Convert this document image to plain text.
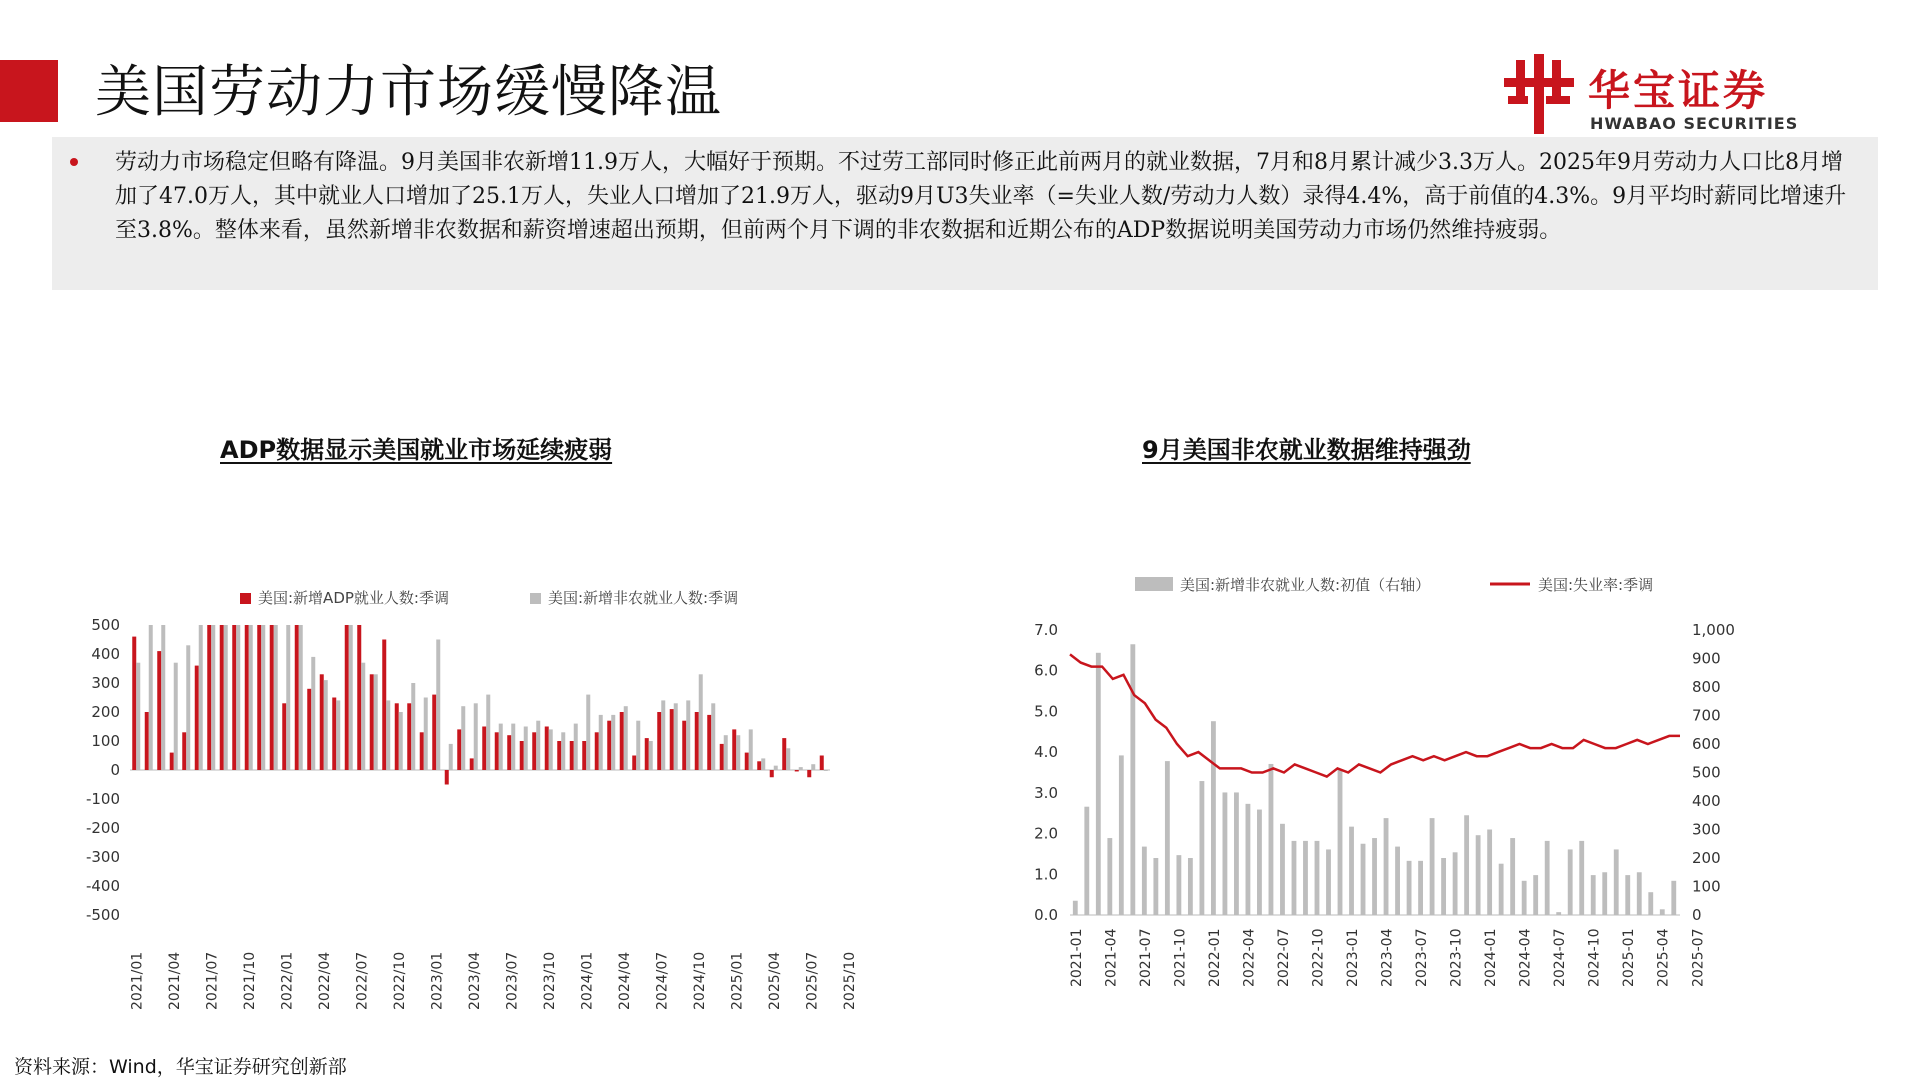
美国劳动力市场缓慢降温	华宝证券
HWABAO SECURITIES
劳动力市场稳定但略有降温。9月美国非农新增11.9万人，大幅好于预期。不过劳工部同时修正此前两月的就业数据，7月和8月累计减少3.3万人。2025年9月劳动力人口比8月增加了47.0万人，其中就业人口增加了25.1万人，失业人口增加了21.9万人，驱动9月U3失业率（=失业人数/劳动力人数）录得4.4%，高于前值的4.3%。9月平均时薪同比增速升至3.8%。整体来看，虽然新增非农数据和薪资增速超出预期，但前两个月下调的非农数据和近期公布的ADP数据说明美国劳动力市场仍然维持疲弱。
ADP数据显示美国就业市场延续疲弱	9月美国非农就业数据维持强劲
美国:新增ADP就业人数:季调	美国:新增非农就业人数:季调
500
400
300
200
100
0
-100
-200
-300
-400
-500
2021/01 2021/04 2021/07 2021/10 2022/01 2022/04 2022/07 2022/10 2023/01 2023/04 2023/07 2023/10 2024/01 2024/04 2024/07 2024/10 2025/01 2025/04 2025/07 2025/10
美国:新增非农就业人数:初值（右轴）	美国:失业率:季调
7.0
6.0
5.0
4.0
3.0
2.0
1.0
0.0
1,000
900
800
700
600
500
400
300
200
100
0
2021-01 2021-04 2021-07 2021-10 2022-01 2022-04 2022-07 2022-10 2023-01 2023-04 2023-07 2023-10 2024-01 2024-04 2024-07 2024-10 2025-01 2025-04 2025-07
资料来源：Wind，华宝证券研究创新部
